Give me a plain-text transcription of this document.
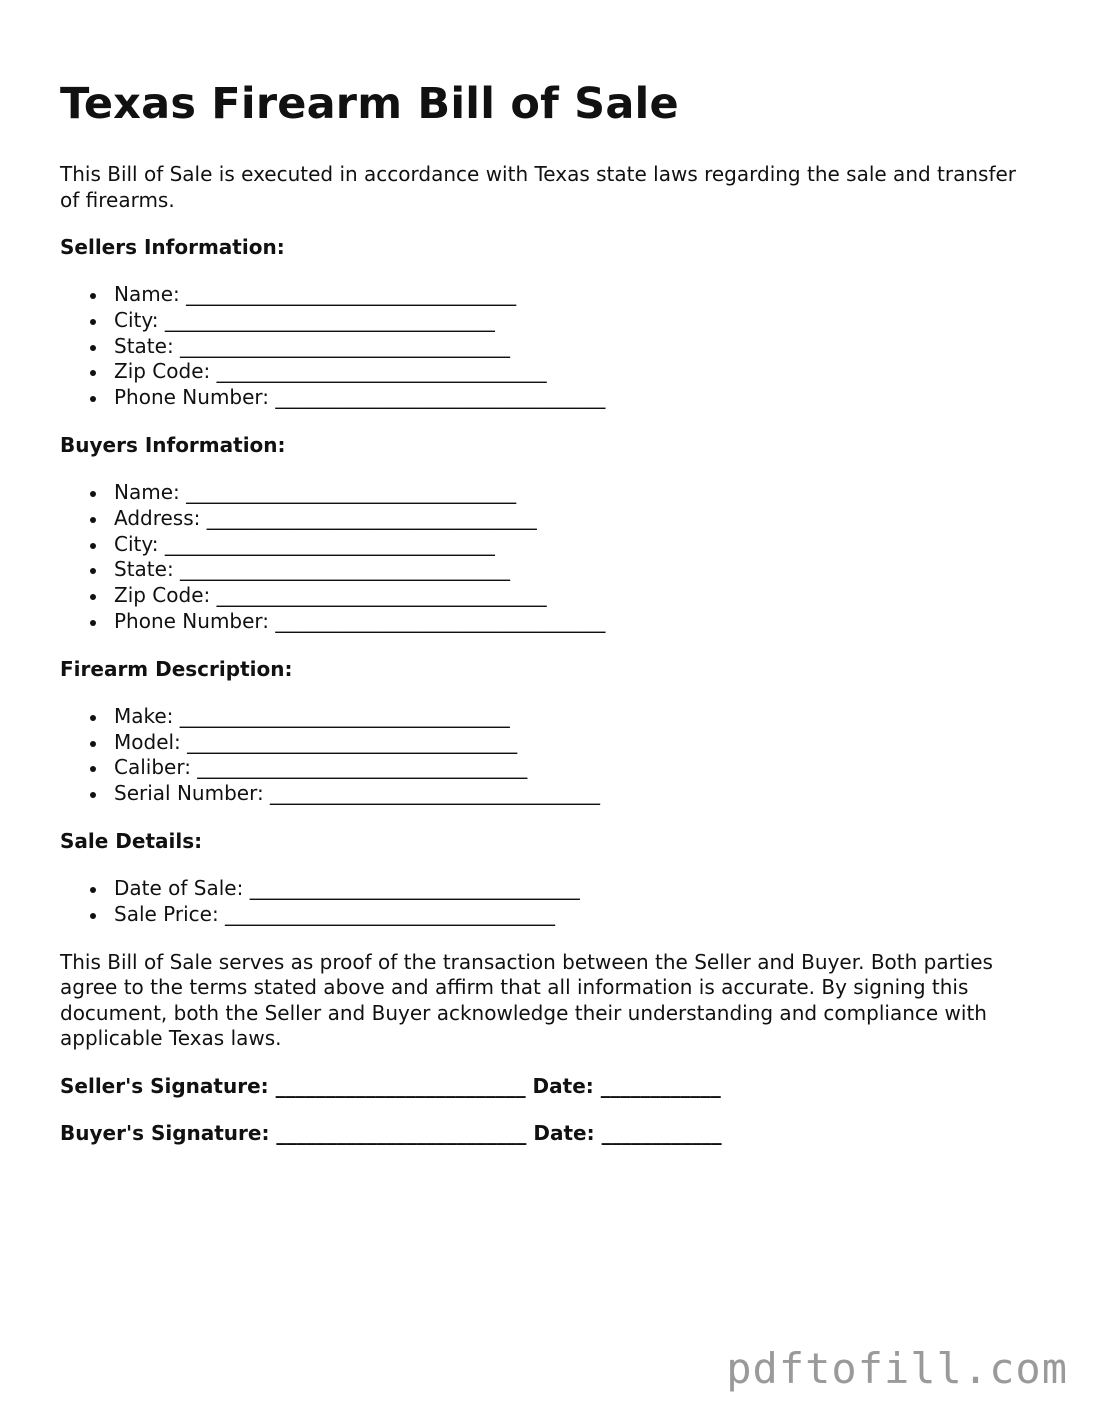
Texas Firearm Bill of Sale

This Bill of Sale is executed in accordance with Texas state laws regarding the sale and transfer of firearms.

Sellers Information:
Name: _________________________________
City: _________________________________
State: _________________________________
Zip Code: _________________________________
Phone Number: _________________________________
Buyers Information:
Name: _________________________________
Address: _________________________________
City: _________________________________
State: _________________________________
Zip Code: _________________________________
Phone Number: _________________________________
Firearm Description:
Make: _________________________________
Model: _________________________________
Caliber: _________________________________
Serial Number: _________________________________
Sale Details:
Date of Sale: _________________________________
Sale Price: _________________________________

This Bill of Sale serves as proof of the transaction between the Seller and Buyer. Both parties agree to the terms stated above and affirm that all information is accurate. By signing this document, both the Seller and Buyer acknowledge their understanding and compliance with applicable Texas laws.

Seller's Signature: _________________________ Date: ____________
Buyer's Signature: _________________________ Date: ____________
pdftofill.com
